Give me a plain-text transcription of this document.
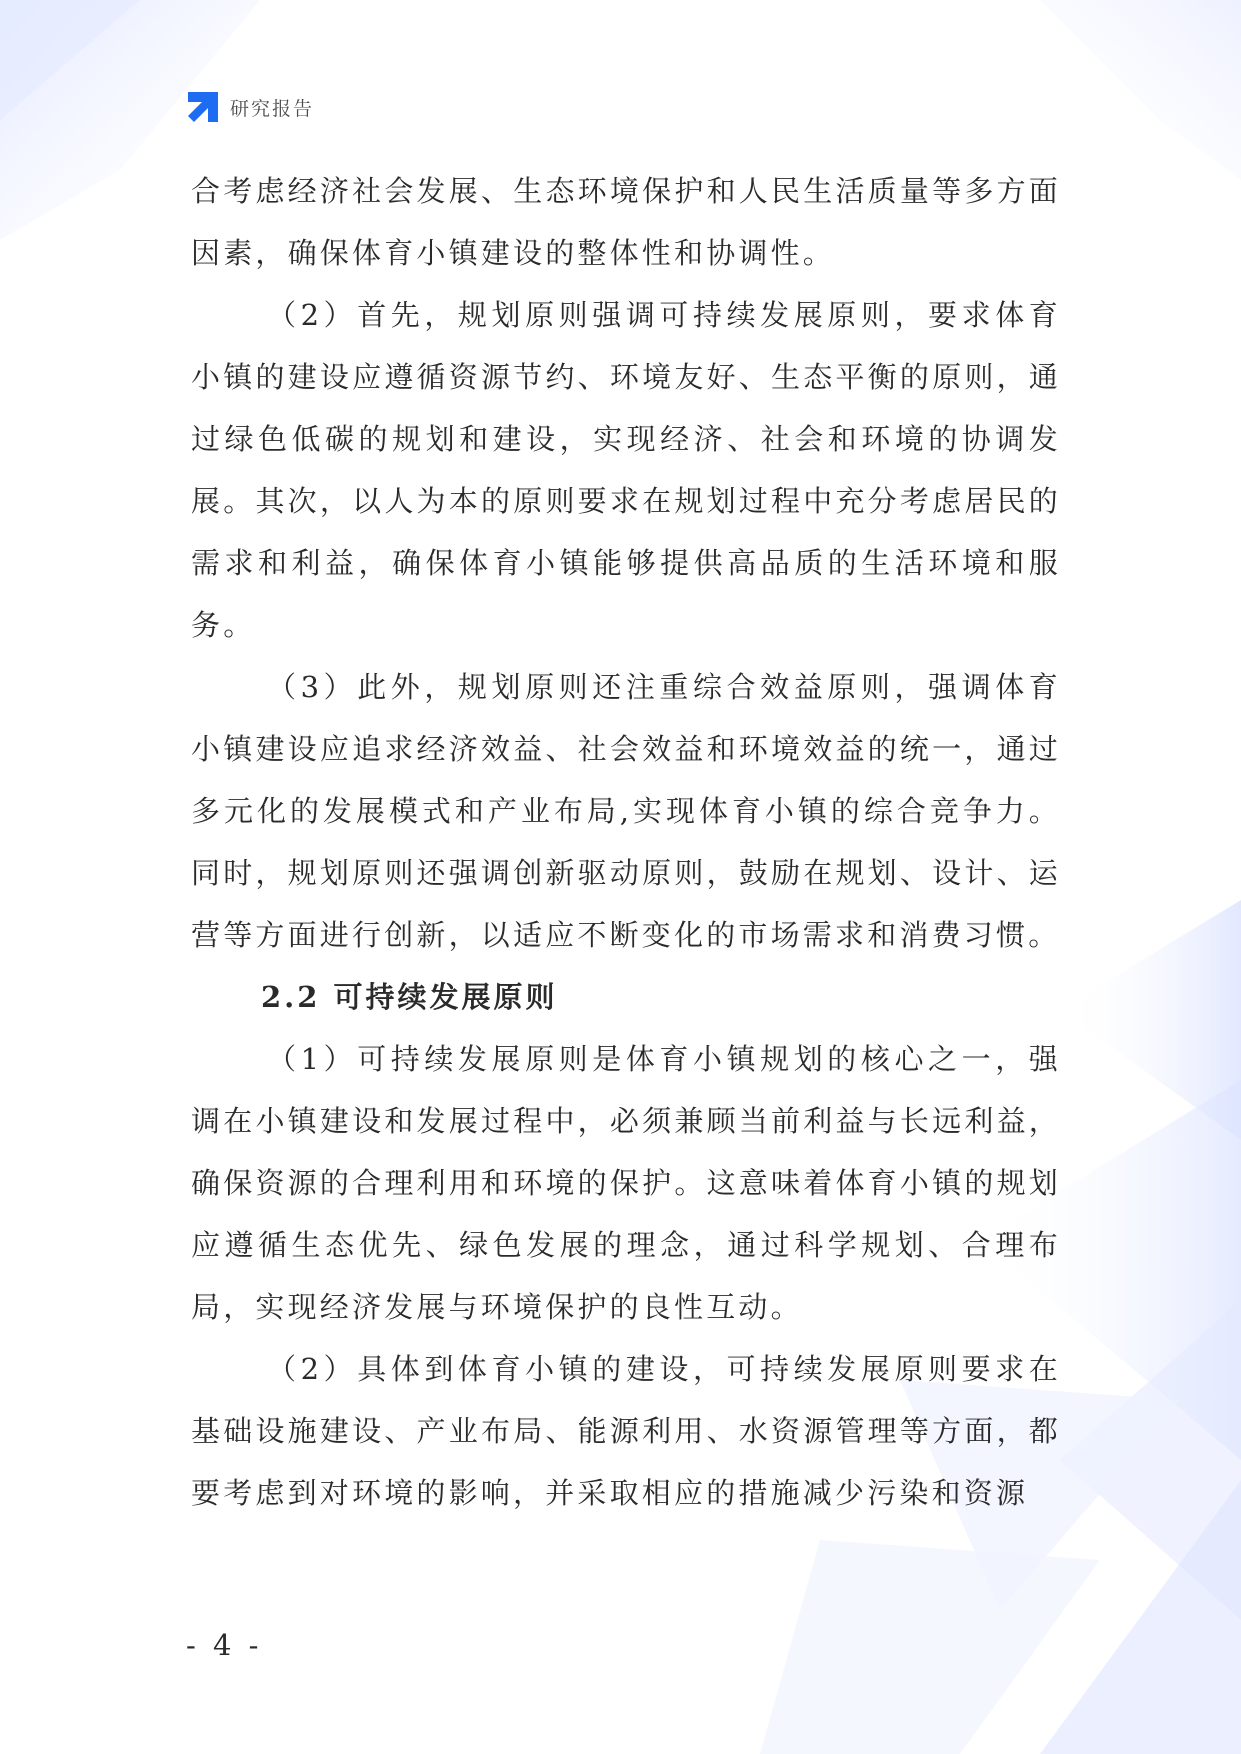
研究报告

合考虑经济社会发展、生态环境保护和人民生活质量等多方面因素，确保体育小镇建设的整体性和协调性。

（2）首先，规划原则强调可持续发展原则，要求体育小镇的建设应遵循资源节约、环境友好、生态平衡的原则，通过绿色低碳的规划和建设，实现经济、社会和环境的协调发展。其次，以人为本的原则要求在规划过程中充分考虑居民的需求和利益，确保体育小镇能够提供高品质的生活环境和服务。

（3）此外，规划原则还注重综合效益原则，强调体育小镇建设应追求经济效益、社会效益和环境效益的统一，通过多元化的发展模式和产业布局,实现体育小镇的综合竞争力。同时，规划原则还强调创新驱动原则，鼓励在规划、设计、运营等方面进行创新，以适应不断变化的市场需求和消费习惯。

2.2 可持续发展原则

（1）可持续发展原则是体育小镇规划的核心之一，强调在小镇建设和发展过程中，必须兼顾当前利益与长远利益，确保资源的合理利用和环境的保护。这意味着体育小镇的规划应遵循生态优先、绿色发展的理念，通过科学规划、合理布局，实现经济发展与环境保护的良性互动。

（2）具体到体育小镇的建设，可持续发展原则要求在基础设施建设、产业布局、能源利用、水资源管理等方面，都要考虑到对环境的影响，并采取相应的措施减少污染和资源

- 4 -
